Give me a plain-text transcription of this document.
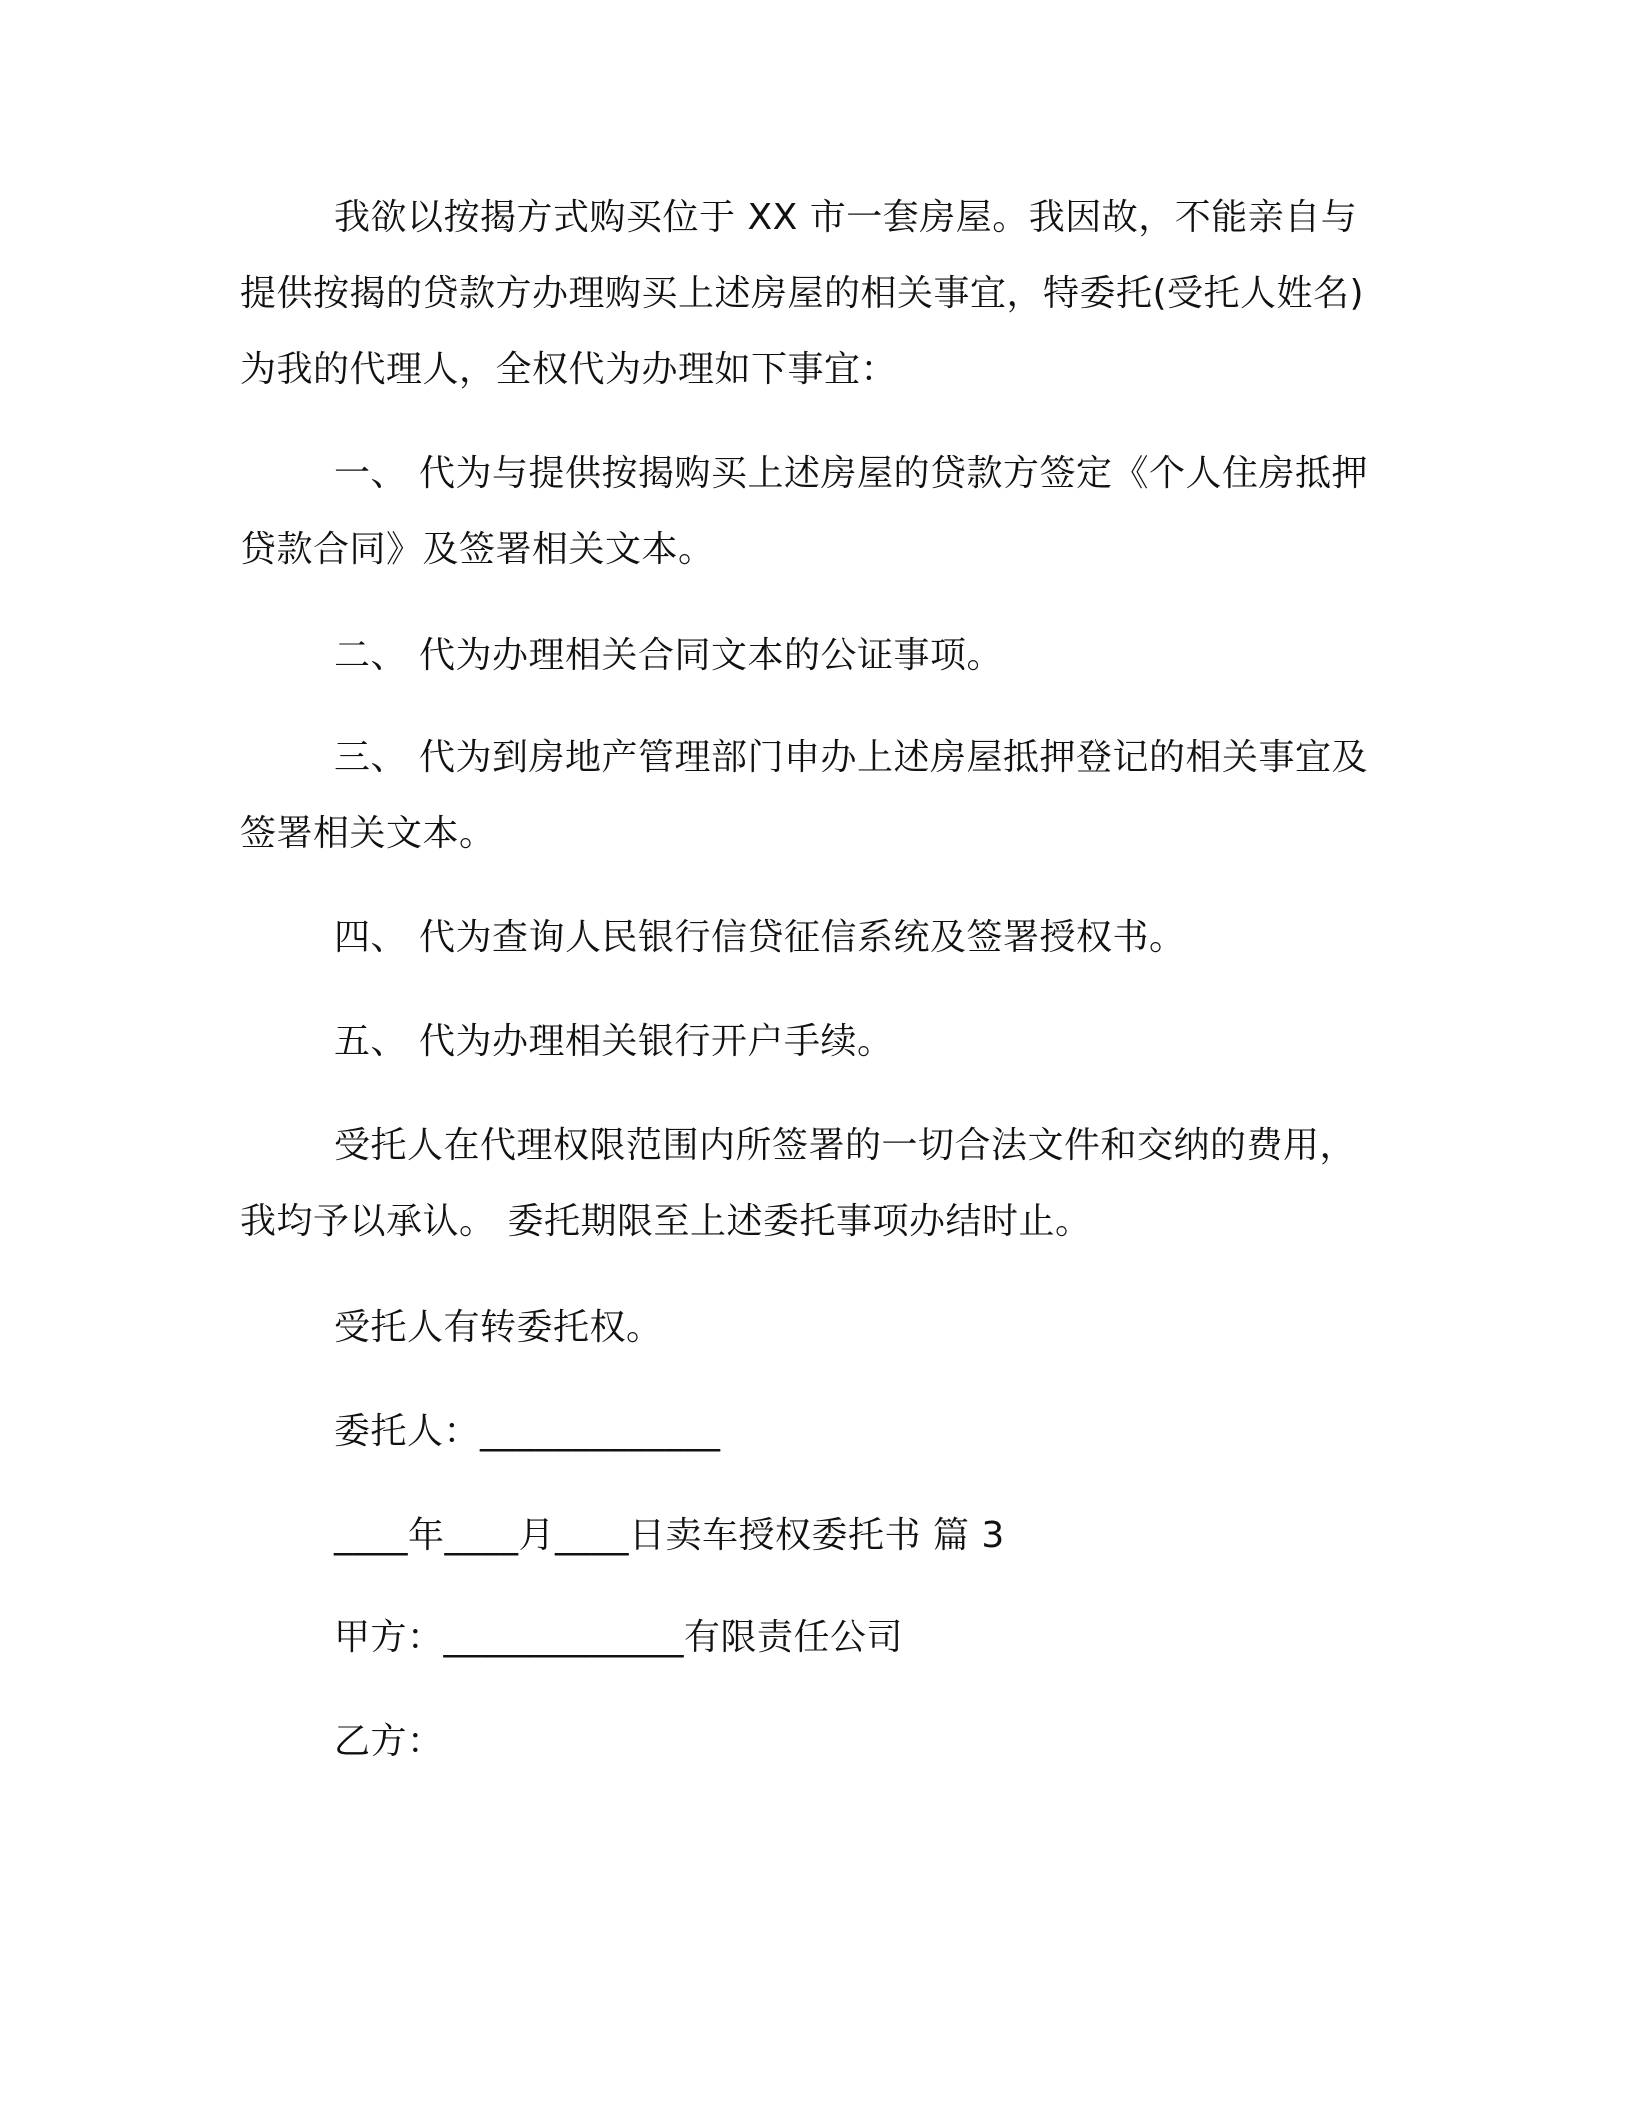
我欲以按揭方式购买位于 XX 市一套房屋。我因故，不能亲自与
提供按揭的贷款方办理购买上述房屋的相关事宜，特委托(受托人姓名)
为我的代理人，全权代为办理如下事宜：
一、 代为与提供按揭购买上述房屋的贷款方签定《个人住房抵押
贷款合同》及签署相关文本。
二、 代为办理相关合同文本的公证事项。
三、 代为到房地产管理部门申办上述房屋抵押登记的相关事宜及
签署相关文本。
四、 代为查询人民银行信贷征信系统及签署授权书。
五、 代为办理相关银行开户手续。
受托人在代理权限范围内所签署的一切合法文件和交纳的费用，
我均予以承认。 委托期限至上述委托事项办结时止。
受托人有转委托权。
委托人：_____________
____年____月____日卖车授权委托书 篇 3
甲方：_____________有限责任公司
乙方：
